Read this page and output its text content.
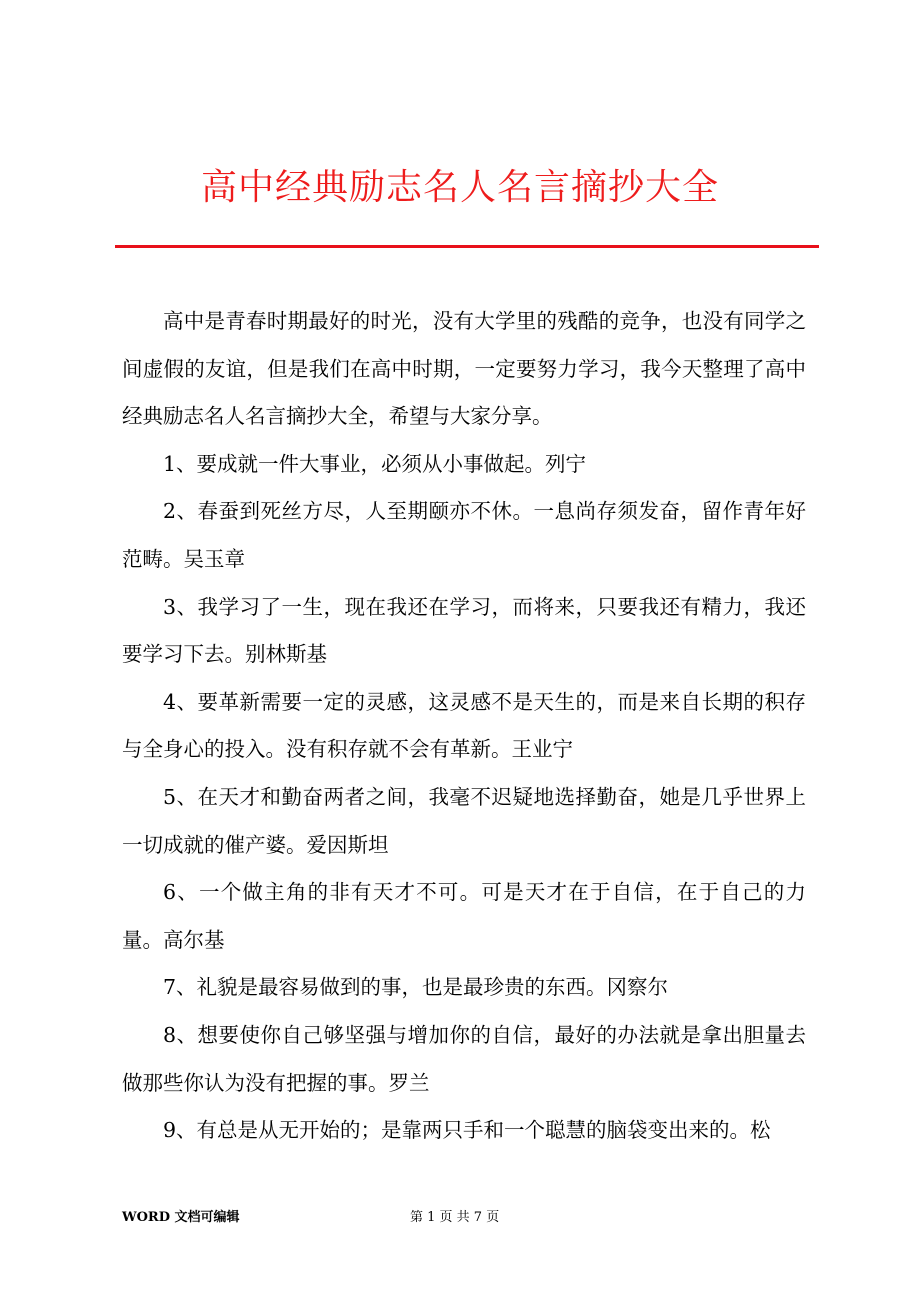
高中经典励志名人名言摘抄大全

高中是青春时期最好的时光，没有大学里的残酷的竞争，也没有同学之间虚假的友谊，但是我们在高中时期，一定要努力学习，我今天整理了高中经典励志名人名言摘抄大全，希望与大家分享。

1、要成就一件大事业，必须从小事做起。列宁

2、春蚕到死丝方尽，人至期颐亦不休。一息尚存须发奋，留作青年好范畴。吴玉章

3、我学习了一生，现在我还在学习，而将来，只要我还有精力，我还要学习下去。别林斯基

4、要革新需要一定的灵感，这灵感不是天生的，而是来自长期的积存与全身心的投入。没有积存就不会有革新。王业宁

5、在天才和勤奋两者之间，我毫不迟疑地选择勤奋，她是几乎世界上一切成就的催产婆。爱因斯坦

6、一个做主角的非有天才不可。可是天才在于自信，在于自己的力量。高尔基

7、礼貌是最容易做到的事，也是最珍贵的东西。冈察尔

8、想要使你自己够坚强与增加你的自信，最好的办法就是拿出胆量去做那些你认为没有把握的事。罗兰

9、有总是从无开始的；是靠两只手和一个聪慧的脑袋变出来的。松

WORD 文档可编辑	第 1 页 共 7 页
